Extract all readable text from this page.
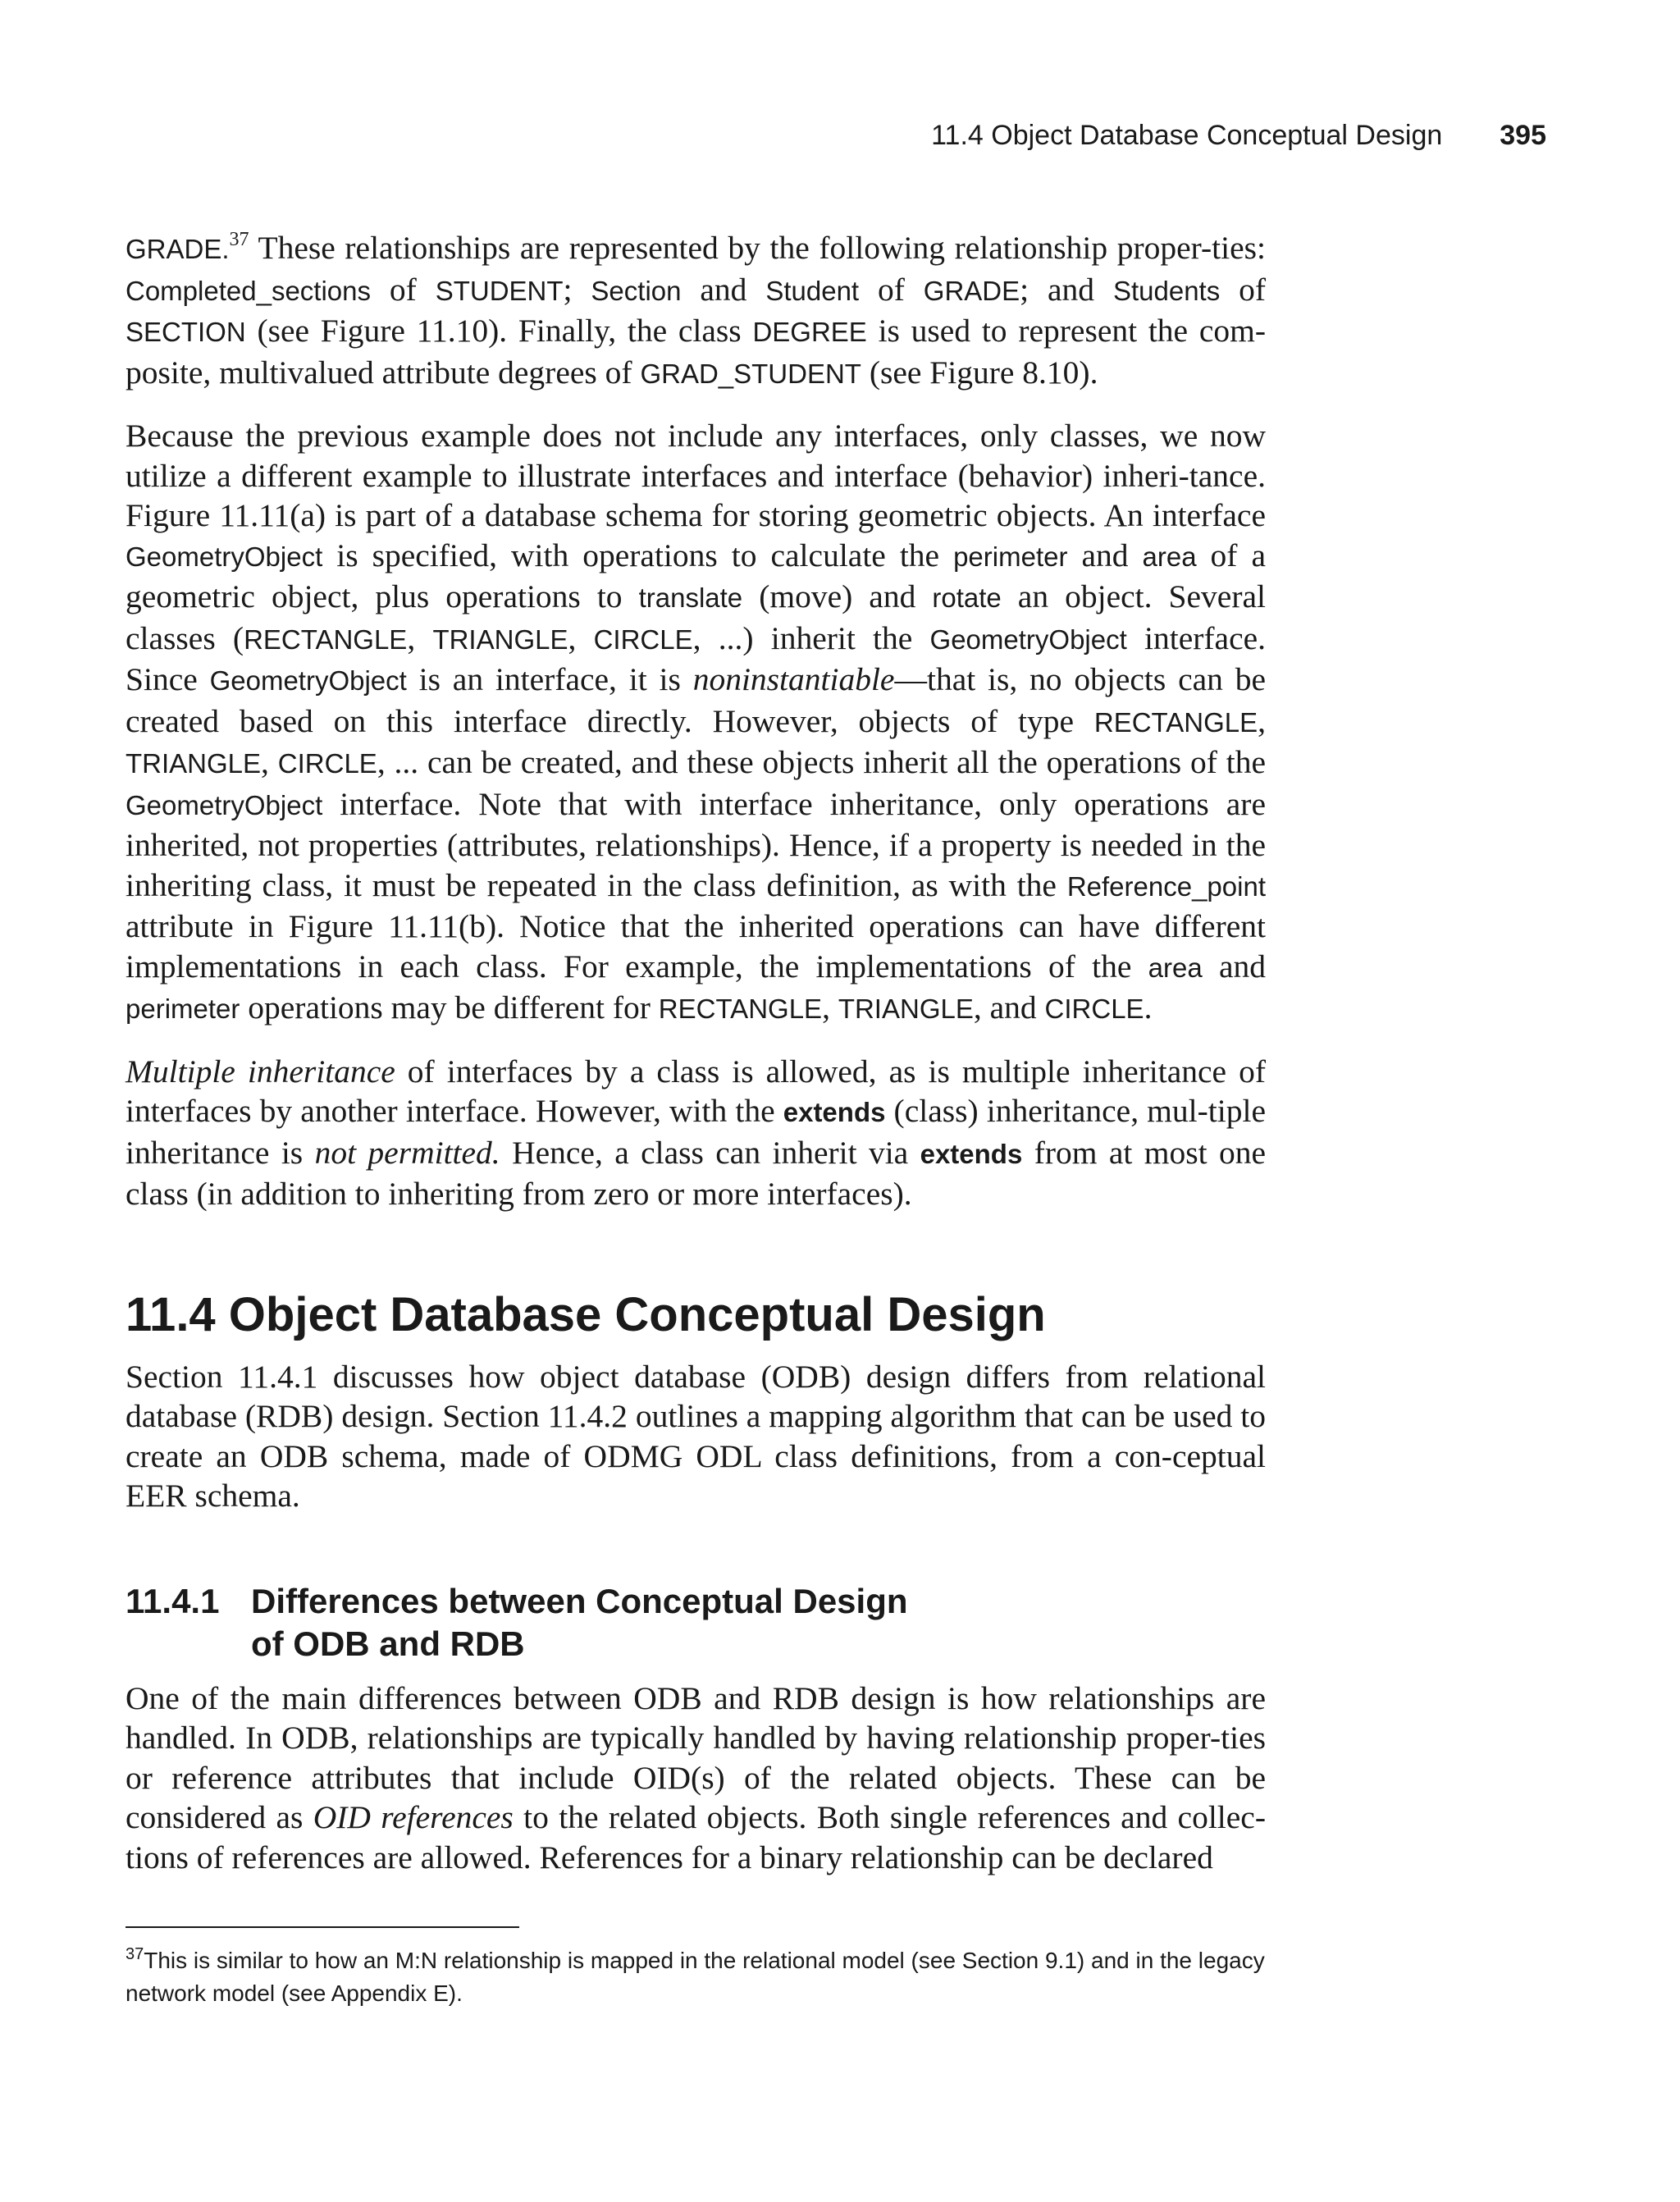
11.4 Object Database Conceptual Design 395

GRADE.$^{37}$ These relationships are represented by the following relationship proper-ties: Completed_sections of STUDENT; Section and Student of GRADE; and Students of SECTION (see Figure 11.10). Finally, the class DEGREE is used to represent the com-posite, multivalued attribute degrees of GRAD_STUDENT (see Figure 8.10).

Because the previous example does not include any interfaces, only classes, we now utilize a different example to illustrate interfaces and interface (behavior) inheri-tance. Figure 11.11(a) is part of a database schema for storing geometric objects. An interface GeometryObject is specified, with operations to calculate the perimeter and area of a geometric object, plus operations to translate (move) and rotate an object. Several classes (RECTANGLE, TRIANGLE, CIRCLE, ...) inherit the GeometryObject interface. Since GeometryObject is an interface, it is noninstantiable—that is, no objects can be created based on this interface directly. However, objects of type RECTANGLE, TRIANGLE, CIRCLE, ... can be created, and these objects inherit all the operations of the GeometryObject interface. Note that with interface inheritance, only operations are inherited, not properties (attributes, relationships). Hence, if a property is needed in the inheriting class, it must be repeated in the class definition, as with the Reference_point attribute in Figure 11.11(b). Notice that the inherited operations can have different implementations in each class. For example, the implementations of the area and perimeter operations may be different for RECTANGLE, TRIANGLE, and CIRCLE.

Multiple inheritance of interfaces by a class is allowed, as is multiple inheritance of interfaces by another interface. However, with the extends (class) inheritance, mul-tiple inheritance is not permitted. Hence, a class can inherit via extends from at most one class (in addition to inheriting from zero or more interfaces).

11.4 Object Database Conceptual Design

Section 11.4.1 discusses how object database (ODB) design differs from relational database (RDB) design. Section 11.4.2 outlines a mapping algorithm that can be used to create an ODB schema, made of ODMG ODL class definitions, from a con-ceptual EER schema.

11.4.1 Differences between Conceptual Design
of ODB and RDB

One of the main differences between ODB and RDB design is how relationships are handled. In ODB, relationships are typically handled by having relationship proper-ties or reference attributes that include OID(s) of the related objects. These can be considered as OID references to the related objects. Both single references and collec-tions of references are allowed. References for a binary relationship can be declared

$^{37}$This is similar to how an M:N relationship is mapped in the relational model (see Section 9.1) and in the legacy network model (see Appendix E).
